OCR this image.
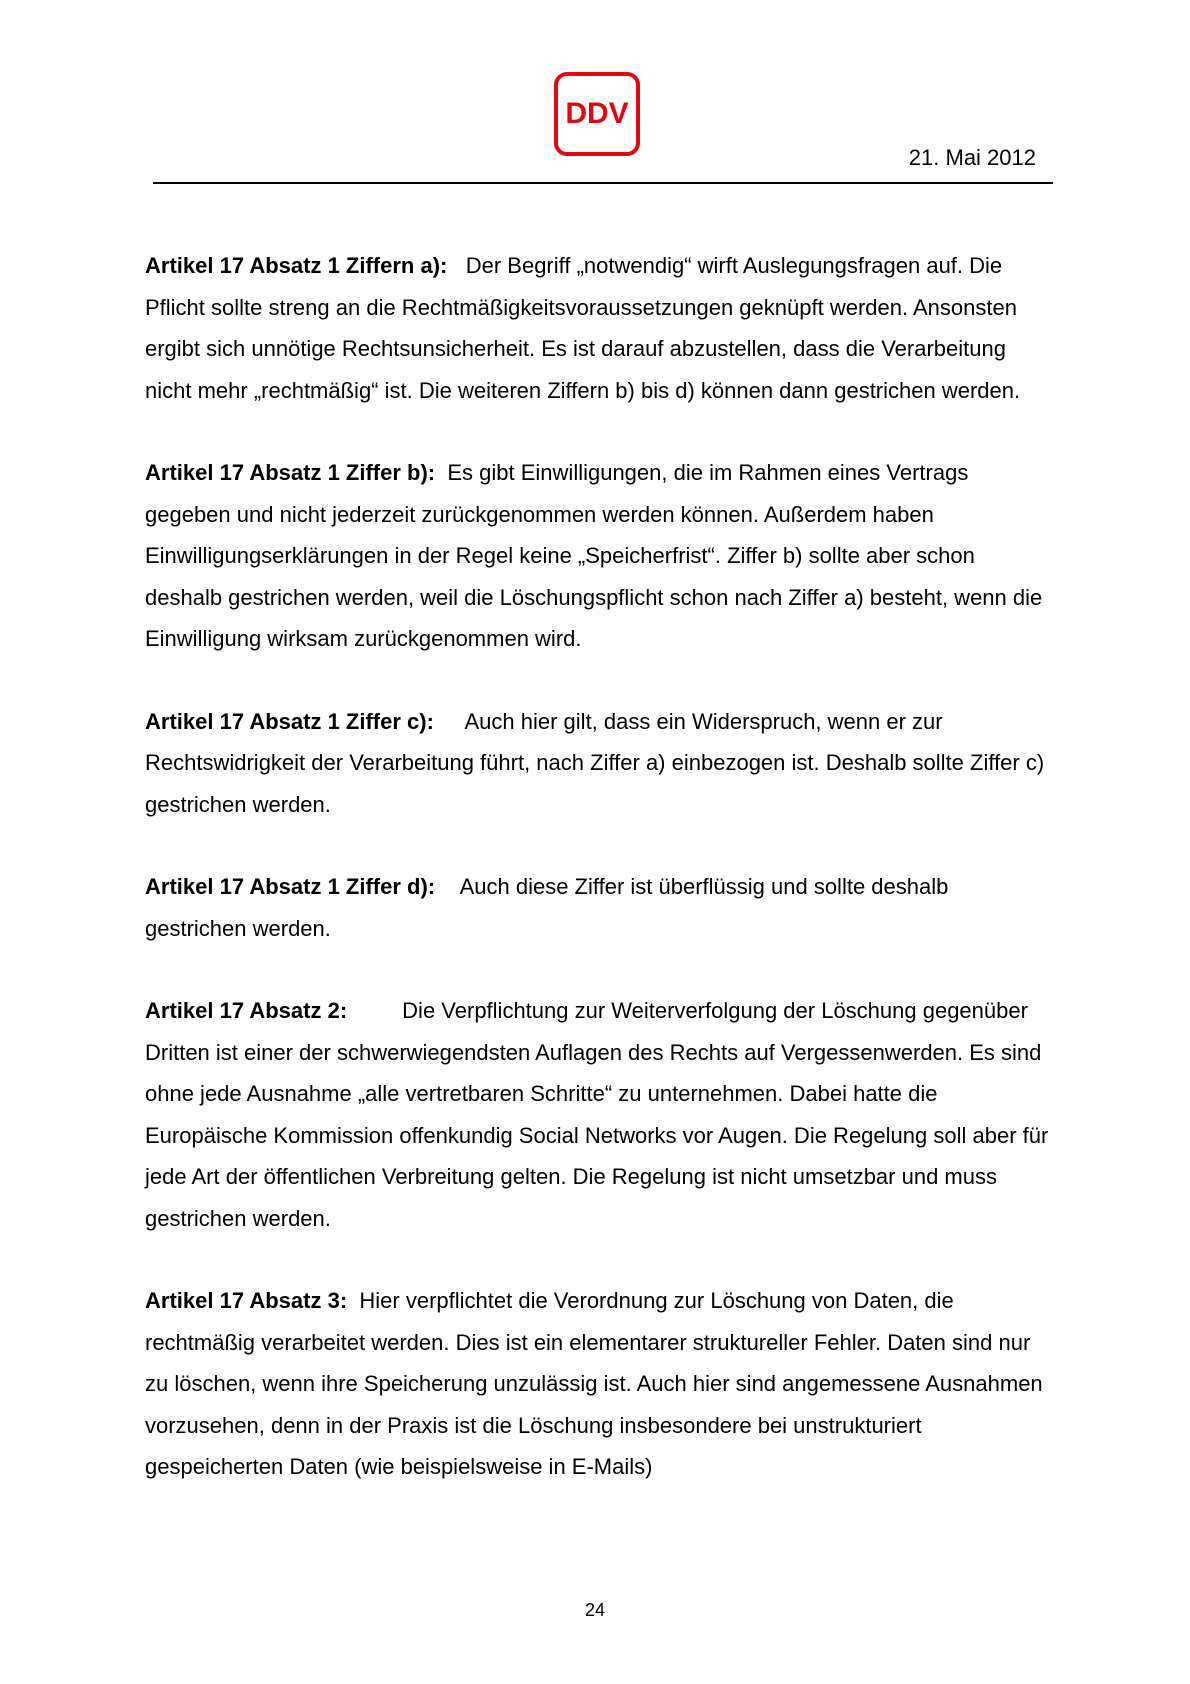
DDV
21. Mai 2012

Artikel 17 Absatz 1 Ziffern a): Der Begriff „notwendig“ wirft Auslegungsfragen auf. Die Pflicht sollte streng an die Rechtmäßigkeitsvoraussetzungen geknüpft werden. Ansonsten ergibt sich unnötige Rechtsunsicherheit. Es ist darauf abzustellen, dass die Verarbeitung nicht mehr „rechtmäßig“ ist. Die weiteren Ziffern b) bis d) können dann gestrichen werden.

Artikel 17 Absatz 1 Ziffer b): Es gibt Einwilligungen, die im Rahmen eines Vertrags gegeben und nicht jederzeit zurückgenommen werden können. Außerdem haben Einwilligungserklärungen in der Regel keine „Speicherfrist“. Ziffer b) sollte aber schon deshalb gestrichen werden, weil die Löschungspflicht schon nach Ziffer a) besteht, wenn die Einwilligung wirksam zurückgenommen wird.

Artikel 17 Absatz 1 Ziffer c): Auch hier gilt, dass ein Widerspruch, wenn er zur Rechtswidrigkeit der Verarbeitung führt, nach Ziffer a) einbezogen ist. Deshalb sollte Ziffer c) gestrichen werden.

Artikel 17 Absatz 1 Ziffer d): Auch diese Ziffer ist überflüssig und sollte deshalb gestrichen werden.

Artikel 17 Absatz 2:	Die Verpflichtung zur Weiterverfolgung der Löschung gegenüber Dritten ist einer der schwerwiegendsten Auflagen des Rechts auf Vergessenwerden. Es sind ohne jede Ausnahme „alle vertretbaren Schritte“ zu unternehmen. Dabei hatte die Europäische Kommission offenkundig Social Networks vor Augen. Die Regelung soll aber für jede Art der öffentlichen Verbreitung gelten. Die Regelung ist nicht umsetzbar und muss gestrichen werden.

Artikel 17 Absatz 3: Hier verpflichtet die Verordnung zur Löschung von Daten, die rechtmäßig verarbeitet werden. Dies ist ein elementarer struktureller Fehler. Daten sind nur zu löschen, wenn ihre Speicherung unzulässig ist. Auch hier sind angemessene Ausnahmen vorzusehen, denn in der Praxis ist die Löschung insbesondere bei unstrukturiert gespeicherten Daten (wie beispielsweise in E-Mails)

24
